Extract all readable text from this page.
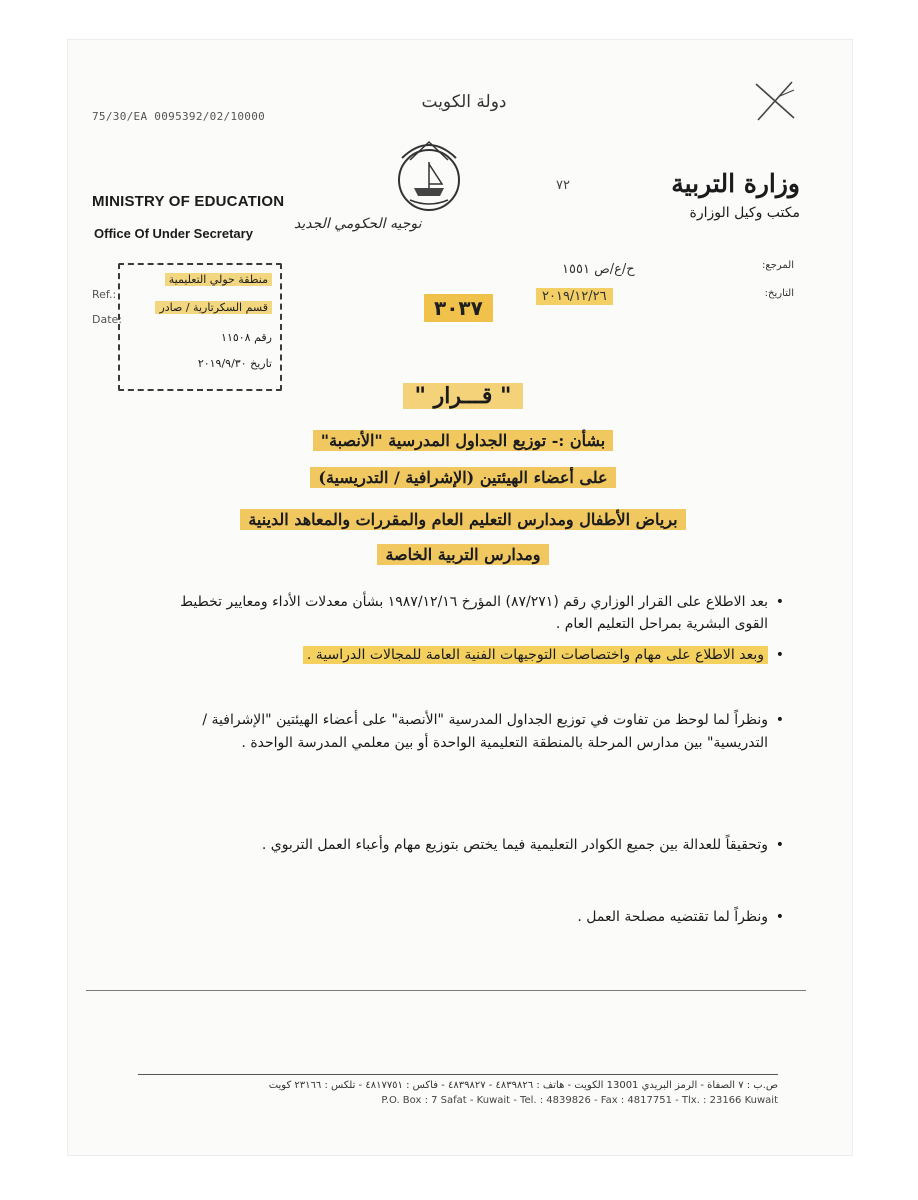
75/30/EA 0095392/02/10000
دولة الكويت
MINISTRY OF EDUCATION
Office Of Under Secretary
نوجيه الحكومي الجديد
٧٢	وزارة التربية
مكتب وكيل الوزارة
Ref.:
Date:
منطقة حولي التعليمية
قسم السكرتارية / صادر
رقم ١١٥٠٨
تاريخ ٢٠١٩/٩/٣٠
المرجع:
التاريخ:
ح/ع/ص ١٥٥١
٢٠١٩/١٢/٢٦
٣٠٣٧
" قـــرار "
بشأن :- توزيع الجداول المدرسية "الأنصبة"
على أعضاء الهيئتين (الإشرافية / التدريسية)
برياض الأطفال ومدارس التعليم العام والمقررات والمعاهد الدينية
ومدارس التربية الخاصة
• بعد الاطلاع على القرار الوزاري رقم (٨٧/٢٧١) المؤرخ ١٩٨٧/١٢/١٦ بشأن معدلات الأداء ومعايير تخطيط القوى البشرية بمراحل التعليم العام .
• وبعد الاطلاع على مهام واختصاصات التوجيهات الفنية العامة للمجالات الدراسية .
• ونظراً لما لوحظ من تفاوت في توزيع الجداول المدرسية "الأنصبة" على أعضاء الهيئتين "الإشرافية / التدريسية" بين مدارس المرحلة بالمنطقة التعليمية الواحدة أو بين معلمي المدرسة الواحدة .
• وتحقيقاً للعدالة بين جميع الكوادر التعليمية فيما يختص بتوزيع مهام وأعباء العمل التربوي .
• ونظراً لما تقتضيه مصلحة العمل .
ص.ب : ٧ الصفاة - الرمز البريدي 13001 الكويت - هاتف : ٤٨٣٩٨٢٦ - ٤٨٣٩٨٢٧ - فاكس : ٤٨١٧٧٥١ - تلكس : ٢٣١٦٦ كويت
P.O. Box : 7 Safat - Kuwait - Tel. : 4839826 - Fax : 4817751 - Tlx. : 23166 Kuwait
